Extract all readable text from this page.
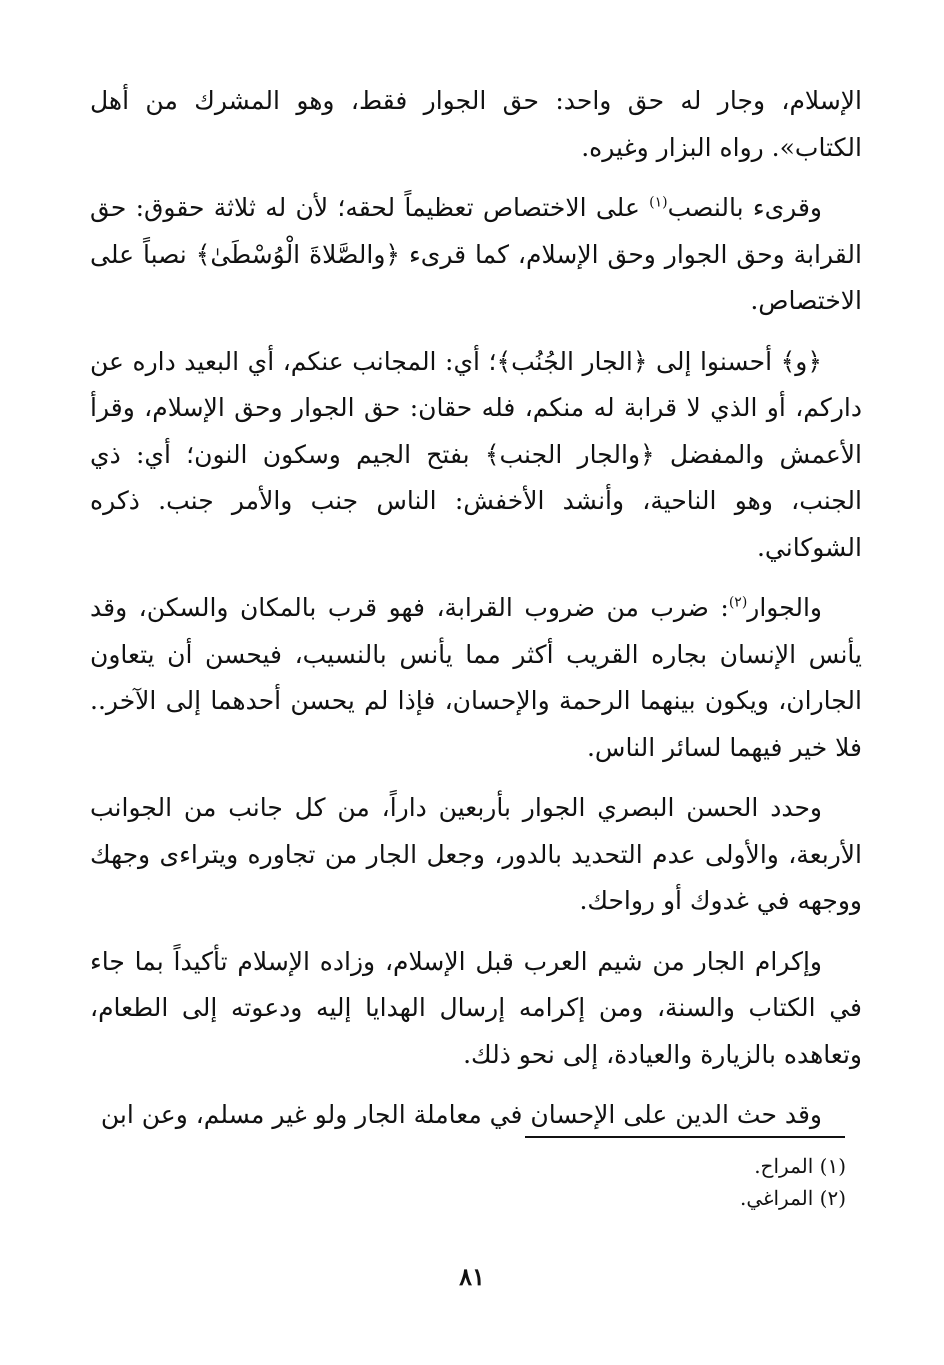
الإسلام، وجار له حق واحد: حق الجوار فقط، وهو المشرك من أهل الكتاب». رواه البزار وغيره.

وقرىء بالنصب$^{(١)}$ على الاختصاص تعظيماً لحقه؛ لأن له ثلاثة حقوق: حق القرابة وحق الجوار وحق الإسلام، كما قرىء ﴿والصَّلاةَ الْوُسْطَىٰ﴾ نصباً على الاختصاص.

﴿و﴾ أحسنوا إلى ﴿الجار الجُنُب﴾؛ أي: المجانب عنكم، أي البعيد داره عن داركم، أو الذي لا قرابة له منكم، فله حقان: حق الجوار وحق الإسلام، وقرأ الأعمش والمفضل ﴿والجار الجنب﴾ بفتح الجيم وسكون النون؛ أي: ذي الجنب، وهو الناحية، وأنشد الأخفش: الناس جنب والأمر جنب. ذكره الشوكاني.

والجوار$^{(٢)}$: ضرب من ضروب القرابة، فهو قرب بالمكان والسكن، وقد يأنس الإنسان بجاره القريب أكثر مما يأنس بالنسيب، فيحسن أن يتعاون الجاران، ويكون بينهما الرحمة والإحسان، فإذا لم يحسن أحدهما إلى الآخر.. فلا خير فيهما لسائر الناس.

وحدد الحسن البصري الجوار بأربعين داراً، من كل جانب من الجوانب الأربعة، والأولى عدم التحديد بالدور، وجعل الجار من تجاوره ويتراءى وجهك ووجهه في غدوك أو رواحك.

وإكرام الجار من شيم العرب قبل الإسلام، وزاده الإسلام تأكيداً بما جاء في الكتاب والسنة، ومن إكرامه إرسال الهدايا إليه ودعوته إلى الطعام، وتعاهده بالزيارة والعيادة، إلى نحو ذلك.

وقد حث الدين على الإحسان في معاملة الجار ولو غير مسلم، وعن ابن

(١) المراح.

(٢) المراغي.

٨١
